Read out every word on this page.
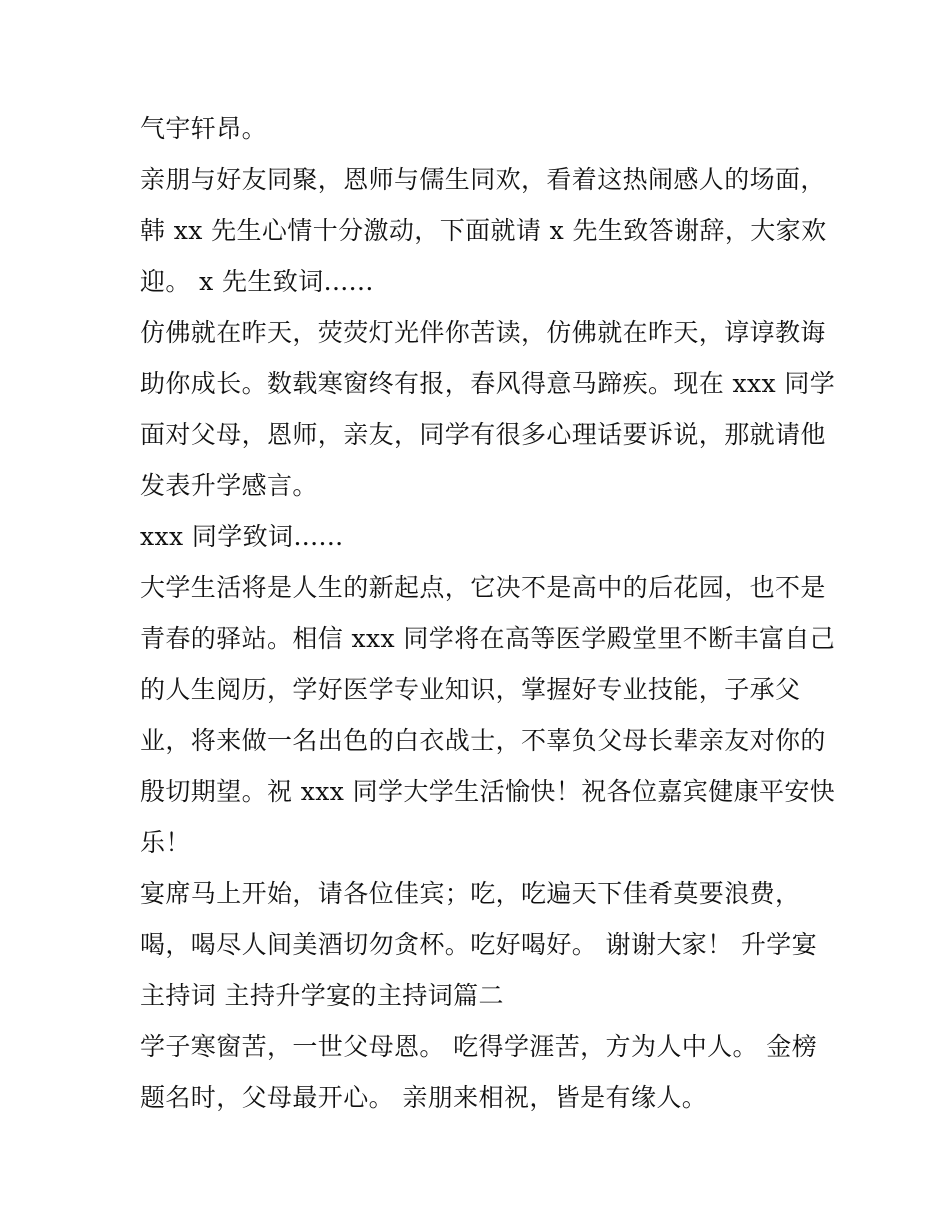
气宇轩昂。
亲朋与好友同聚，恩师与儒生同欢，看着这热闹感人的场面，
韩 xx 先生心情十分激动，下面就请 x 先生致答谢辞，大家欢
迎。 x 先生致词......
仿佛就在昨天，荧荧灯光伴你苦读，仿佛就在昨天，谆谆教诲
助你成长。数载寒窗终有报，春风得意马蹄疾。现在 xxx 同学
面对父母，恩师，亲友，同学有很多心理话要诉说，那就请他
发表升学感言。
xxx 同学致词......
大学生活将是人生的新起点，它决不是高中的后花园，也不是
青春的驿站。相信 xxx 同学将在高等医学殿堂里不断丰富自己
的人生阅历，学好医学专业知识，掌握好专业技能，子承父
业，将来做一名出色的白衣战士，不辜负父母长辈亲友对你的
殷切期望。祝 xxx 同学大学生活愉快！祝各位嘉宾健康平安快
乐！
宴席马上开始，请各位佳宾；吃，吃遍天下佳肴莫要浪费，
喝，喝尽人间美酒切勿贪杯。吃好喝好。 谢谢大家！ 升学宴
主持词 主持升学宴的主持词篇二
学子寒窗苦，一世父母恩。 吃得学涯苦，方为人中人。 金榜
题名时，父母最开心。 亲朋来相祝，皆是有缘人。
